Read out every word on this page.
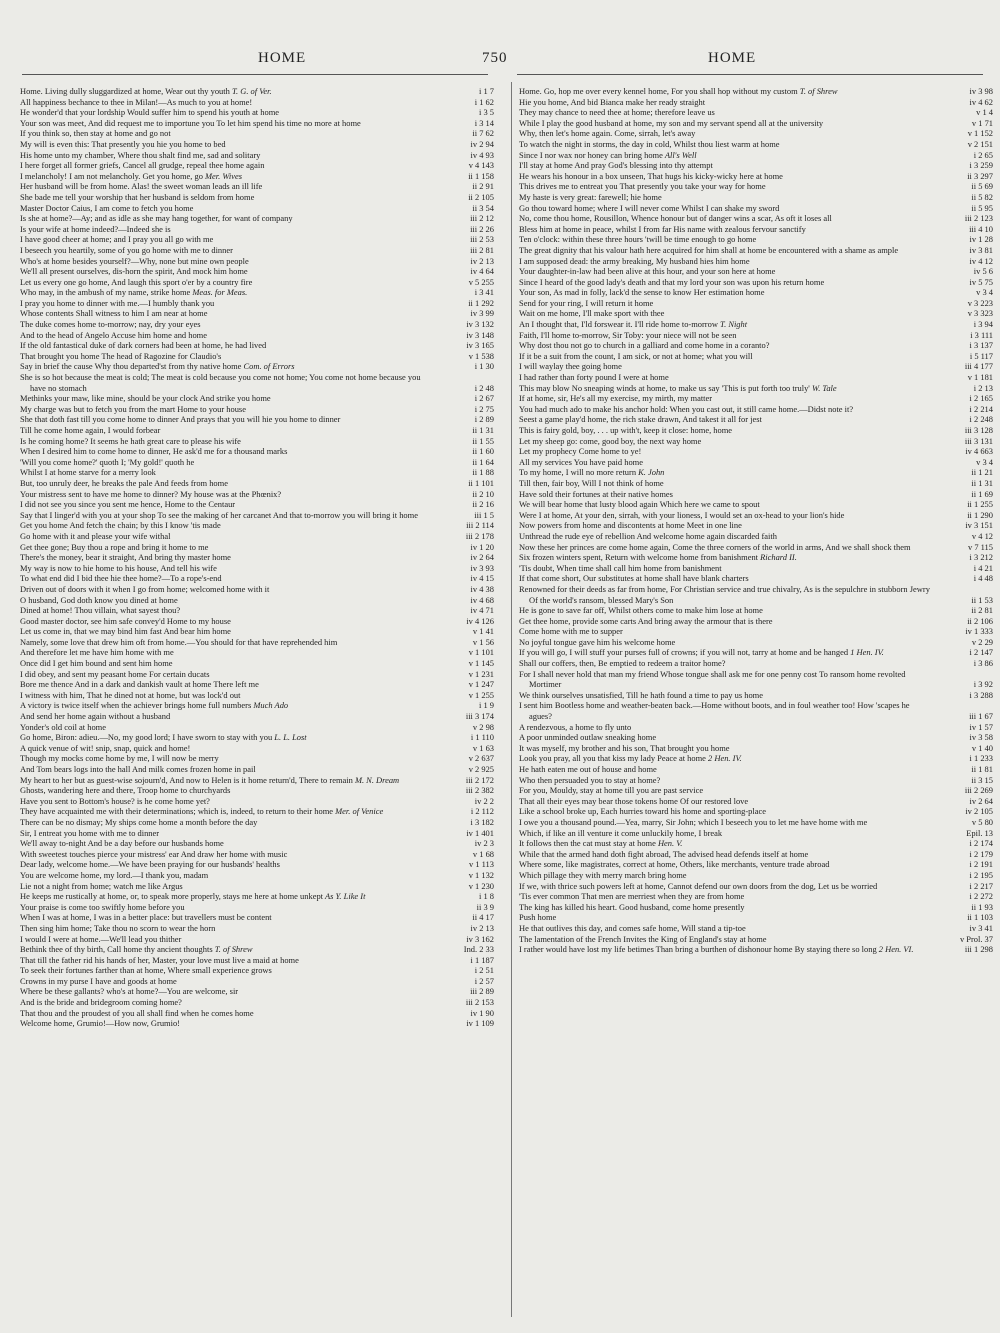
HOME	750	HOME
Home. Living dully sluggardized at home, Wear out thy youth T. G. of Ver.	i 1 7
All happiness bechance to thee in Milan!—As much to you at home!	i 1 62
He wonder'd that your lordship Would suffer him to spend his youth at home	i 3 5
Your son was meet, And did request me to importune you To let him spend his time no more at home	i 3 14
If you think so, then stay at home and go not	ii 7 62
My will is even this: That presently you hie you home to bed	iv 2 94
His home unto my chamber, Where thou shalt find me, sad and solitary	iv 4 93
I here forget all former griefs, Cancel all grudge, repeal thee home again	v 4 143
I melancholy! I am not melancholy. Get you home, go Mer. Wives	ii 1 158
Her husband will be from home. Alas! the sweet woman leads an ill life	ii 2 91
She bade me tell your worship that her husband is seldom from home	ii 2 105
Master Doctor Caius, I am come to fetch you home	ii 3 54
Is she at home?—Ay; and as idle as she may hang together, for want of company	iii 2 12
Is your wife at home indeed?—Indeed she is	iii 2 26
I have good cheer at home; and I pray you all go with me	iii 2 53
I beseech you heartily, some of you go home with me to dinner	iii 2 81
Who's at home besides yourself?—Why, none but mine own people	iv 2 13
We'll all present ourselves, dis-horn the spirit, And mock him home	iv 4 64
Let us every one go home, And laugh this sport o'er by a country fire	v 5 255
Who may, in the ambush of my name, strike home Meas. for Meas.	i 3 41
I pray you home to dinner with me.—I humbly thank you	ii 1 292
Whose contents Shall witness to him I am near at home	iv 3 99
The duke comes home to-morrow; nay, dry your eyes	iv 3 132
And to the head of Angelo Accuse him home and home	iv 3 148
If the old fantastical duke of dark corners had been at home, he had lived	iv 3 165
That brought you home The head of Ragozine for Claudio's	v 1 538
Say in brief the cause Why thou departed'st from thy native home Com. of Errors	i 1 30
She is so hot because the meat is cold; The meat is cold because you come not home; You come not home because you have no stomach	i 2 48
Methinks your maw, like mine, should be your clock And strike you home	i 2 67
My charge was but to fetch you from the mart Home to your house	i 2 75
She that doth fast till you come home to dinner And prays that you will hie you home to dinner	i 2 89
Till he come home again, I would forbear	ii 1 31
Is he coming home? It seems he hath great care to please his wife	ii 1 55
When I desired him to come home to dinner, He ask'd me for a thousand marks	ii 1 60
'Will you come home?' quoth I; 'My gold!' quoth he	ii 1 64
Whilst I at home starve for a merry look	ii 1 88
But, too unruly deer, he breaks the pale And feeds from home	ii 1 101
Your mistress sent to have me home to dinner? My house was at the Phœnix?	ii 2 10
I did not see you since you sent me hence, Home to the Centaur	ii 2 16
Say that I linger'd with you at your shop To see the making of her carcanet And that to-morrow you will bring it home	iii 1 5
Get you home And fetch the chain; by this I know 'tis made	iii 2 114
Go home with it and please your wife withal	iii 2 178
Get thee gone; Buy thou a rope and bring it home to me	iv 1 20
There's the money, bear it straight, And bring thy master home	iv 2 64
My way is now to hie home to his house, And tell his wife	iv 3 93
To what end did I bid thee hie thee home?—To a rope's-end	iv 4 15
Driven out of doors with it when I go from home; welcomed home with it	iv 4 38
O husband, God doth know you dined at home	iv 4 68
Dined at home! Thou villain, what sayest thou?	iv 4 71
Good master doctor, see him safe convey'd Home to my house	iv 4 126
Let us come in, that we may bind him fast And bear him home	v 1 41
Namely, some love that drew him oft from home.—You should for that have reprehended him	v 1 56
And therefore let me have him home with me	v 1 101
Once did I get him bound and sent him home	v 1 145
I did obey, and sent my peasant home For certain ducats	v 1 231
Bore me thence And in a dark and dankish vault at home There left me	v 1 247
I witness with him, That he dined not at home, but was lock'd out	v 1 255
A victory is twice itself when the achiever brings home full numbers Much Ado	i 1 9
And send her home again without a husband	iii 3 174
Yonder's old coil at home	v 2 98
Go home, Biron: adieu.—No, my good lord; I have sworn to stay with you L. L. Lost	i 1 110
A quick venue of wit! snip, snap, quick and home!	v 1 63
Though my mocks come home by me, I will now be merry	v 2 637
And Tom bears logs into the hall And milk comes frozen home in pail	v 2 925
My heart to her but as guest-wise sojourn'd, And now to Helen is it home return'd, There to remain M. N. Dream	iii 2 172
Ghosts, wandering here and there, Troop home to churchyards	iii 2 382
Have you sent to Bottom's house? is he come home yet?	iv 2 2
They have acquainted me with their determinations; which is, indeed, to return to their home Mer. of Venice	i 2 112
There can be no dismay; My ships come home a month before the day	i 3 182
Sir, I entreat you home with me to dinner	iv 1 401
We'll away to-night And be a day before our husbands home	iv 2 3
With sweetest touches pierce your mistress' ear And draw her home with music	v 1 68
Dear lady, welcome home.—We have been praying for our husbands' healths	v 1 113
You are welcome home, my lord.—I thank you, madam	v 1 132
Lie not a night from home; watch me like Argus	v 1 230
He keeps me rustically at home, or, to speak more properly, stays me here at home unkept As Y. Like It	i 1 8
Your praise is come too swiftly home before you	ii 3 9
When I was at home, I was in a better place: but travellers must be content	ii 4 17
Then sing him home; Take thou no scorn to wear the horn	iv 2 13
I would I were at home.—We'll lead you thither	iv 3 162
Bethink thee of thy birth, Call home thy ancient thoughts T. of Shrew	Ind. 2 33
That till the father rid his hands of her, Master, your love must live a maid at home	i 1 187
To seek their fortunes farther than at home, Where small experience grows	i 2 51
Crowns in my purse I have and goods at home	i 2 57
Where be these gallants? who's at home?—You are welcome, sir	iii 2 89
And is the bride and bridegroom coming home?	iii 2 153
That thou and the proudest of you all shall find when he comes home	iv 1 90
Welcome home, Grumio!—How now, Grumio!	iv 1 109
Home. Go, hop me over every kennel home, For you shall hop without my custom T. of Shrew	iv 3 98
Hie you home, And bid Bianca make her ready straight	iv 4 62
They may chance to need thee at home; therefore leave us	v 1 4
While I play the good husband at home, my son and my servant spend all at the university	v 1 71
Why, then let's home again. Come, sirrah, let's away	v 1 152
To watch the night in storms, the day in cold, Whilst thou liest warm at home	v 2 151
Since I nor wax nor honey can bring home All's Well	i 2 65
I'll stay at home And pray God's blessing into thy attempt	i 3 259
He wears his honour in a box unseen, That hugs his kicky-wicky here at home	ii 3 297
This drives me to entreat you That presently you take your way for home	ii 5 69
My haste is very great: farewell; hie home	ii 5 82
Go thou toward home; where I will never come Whilst I can shake my sword	ii 5 95
No, come thou home, Rousillon, Whence honour but of danger wins a scar, As oft it loses all	iii 2 123
Bless him at home in peace, whilst I from far His name with zealous fervour sanctify	iii 4 10
Ten o'clock: within these three hours 'twill be time enough to go home	iv 1 28
The great dignity that his valour hath here acquired for him shall at home be encountered with a shame as ample	iv 3 81
I am supposed dead: the army breaking, My husband hies him home	iv 4 12
Your daughter-in-law had been alive at this hour, and your son here at home	iv 5 6
Since I heard of the good lady's death and that my lord your son was upon his return home	iv 5 75
Your son, As mad in folly, lack'd the sense to know Her estimation home	v 3 4
Send for your ring, I will return it home	v 3 223
Wait on me home, I'll make sport with thee	v 3 323
An I thought that, I'ld forswear it. I'll ride home to-morrow T. Night	i 3 94
Faith, I'll home to-morrow, Sir Toby: your niece will not be seen	i 3 111
Why dost thou not go to church in a galliard and come home in a coranto?	i 3 137
If it be a suit from the count, I am sick, or not at home; what you will	i 5 117
I will waylay thee going home	iii 4 177
I had rather than forty pound I were at home	v 1 181
This may blow No sneaping winds at home, to make us say 'This is put forth too truly' W. Tale	i 2 13
If at home, sir, He's all my exercise, my mirth, my matter	i 2 165
You had much ado to make his anchor hold: When you cast out, it still came home.—Didst note it?	i 2 214
Seest a game play'd home, the rich stake drawn, And takest it all for jest	i 2 248
This is fairy gold, boy, . . . up with't, keep it close: home, home	iii 3 128
Let my sheep go: come, good boy, the next way home	iii 3 131
Let my prophecy Come home to ye!	iv 4 663
All my services You have paid home	v 3 4
To my home, I will no more return K. John	ii 1 21
Till then, fair boy, Will I not think of home	ii 1 31
Have sold their fortunes at their native homes	ii 1 69
We will bear home that lusty blood again Which here we came to spout	ii 1 255
Were I at home, At your den, sirrah, with your lioness, I would set an ox-head to your lion's hide	ii 1 290
Now powers from home and discontents at home Meet in one line	iv 3 151
Unthread the rude eye of rebellion And welcome home again discarded faith	v 4 12
Now these her princes are come home again, Come the three corners of the world in arms, And we shall shock them	v 7 115
Six frozen winters spent, Return with welcome home from banishment Richard II.	i 3 212
'Tis doubt, When time shall call him home from banishment	i 4 21
If that come short, Our substitutes at home shall have blank charters	i 4 48
Renowned for their deeds as far from home, For Christian service and true chivalry, As is the sepulchre in stubborn Jewry Of the world's ransom, blessed Mary's Son	ii 1 53
He is gone to save far off, Whilst others come to make him lose at home	ii 2 81
Get thee home, provide some carts And bring away the armour that is there	ii 2 106
Come home with me to supper	iv 1 333
No joyful tongue gave him his welcome home	v 2 29
If you will go, I will stuff your purses full of crowns; if you will not, tarry at home and be hanged 1 Hen. IV.	i 2 147
Shall our coffers, then, Be emptied to redeem a traitor home?	i 3 86
For I shall never hold that man my friend Whose tongue shall ask me for one penny cost To ransom home revolted Mortimer	i 3 92
We think ourselves unsatisfied, Till he hath found a time to pay us home	i 3 288
I sent him Bootless home and weather-beaten back.—Home without boots, and in foul weather too! How 'scapes he agues?	iii 1 67
A rendezvous, a home to fly unto	iv 1 57
A poor unminded outlaw sneaking home	iv 3 58
It was myself, my brother and his son, That brought you home	v 1 40
Look you pray, all you that kiss my lady Peace at home 2 Hen. IV.	i 1 233
He hath eaten me out of house and home	ii 1 81
Who then persuaded you to stay at home?	ii 3 15
For you, Mouldy, stay at home till you are past service	iii 2 269
That all their eyes may bear those tokens home Of our restored love	iv 2 64
Like a school broke up, Each hurries toward his home and sporting-place	iv 2 105
I owe you a thousand pound.—Yea, marry, Sir John; which I beseech you to let me have home with me	v 5 80
Which, if like an ill venture it come unluckily home, I break	Epil. 13
It follows then the cat must stay at home Hen. V.	i 2 174
While that the armed hand doth fight abroad, The advised head defends itself at home	i 2 179
Where some, like magistrates, correct at home, Others, like merchants, venture trade abroad	i 2 191
Which pillage they with merry march bring home	i 2 195
If we, with thrice such powers left at home, Cannot defend our own doors from the dog, Let us be worried	i 2 217
'Tis ever common That men are merriest when they are from home	i 2 272
The king has killed his heart. Good husband, come home presently	ii 1 93
Push home	ii 1 103
He that outlives this day, and comes safe home, Will stand a tip-toe	iv 3 41
The lamentation of the French Invites the King of England's stay at home	v Prol. 37
I rather would have lost my life betimes Than bring a burthen of dishonour home By staying there so long 2 Hen. VI.	iii 1 298
